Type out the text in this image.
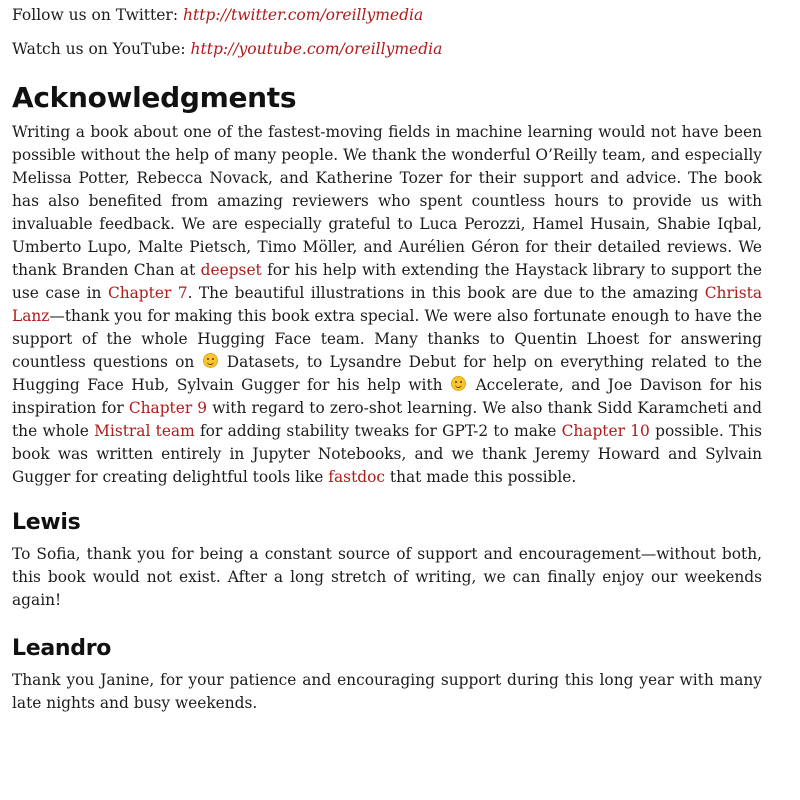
Follow us on Twitter: http://twitter.com/oreillymedia

Watch us on YouTube: http://youtube.com/oreillymedia

Acknowledgments

Writing a book about one of the fastest-moving fields in machine learning would not have been possible without the help of many people. We thank the wonderful O’Reilly team, and especially Melissa Potter, Rebecca Novack, and Katherine Tozer for their support and advice. The book has also benefited from amazing reviewers who spent countless hours to provide us with invaluable feedback. We are especially grateful to Luca Perozzi, Hamel Husain, Shabie Iqbal, Umberto Lupo, Malte Pietsch, Timo Möller, and Aurélien Géron for their detailed reviews. We thank Branden Chan at deepset for his help with extending the Haystack library to support the use case in Chapter 7. The beautiful illustrations in this book are due to the amazing Christa Lanz—thank you for making this book extra special. We were also fortunate enough to have the support of the whole Hugging Face team. Many thanks to Quentin Lhoest for answering countless questions on  Datasets, to Lysandre Debut for help on everything related to the Hugging Face Hub, Sylvain Gugger for his help with  Accelerate, and Joe Davison for his inspiration for Chapter 9 with regard to zero-shot learning. We also thank Sidd Karamcheti and the whole Mistral team for adding stability tweaks for GPT-2 to make Chapter 10 possible. This book was written entirely in Jupyter Notebooks, and we thank Jeremy Howard and Sylvain Gugger for creating delightful tools like fastdoc that made this possible.

Lewis

To Sofia, thank you for being a constant source of support and encouragement—without both, this book would not exist. After a long stretch of writing, we can finally enjoy our weekends again!

Leandro

Thank you Janine, for your patience and encouraging support during this long year with many late nights and busy weekends.
